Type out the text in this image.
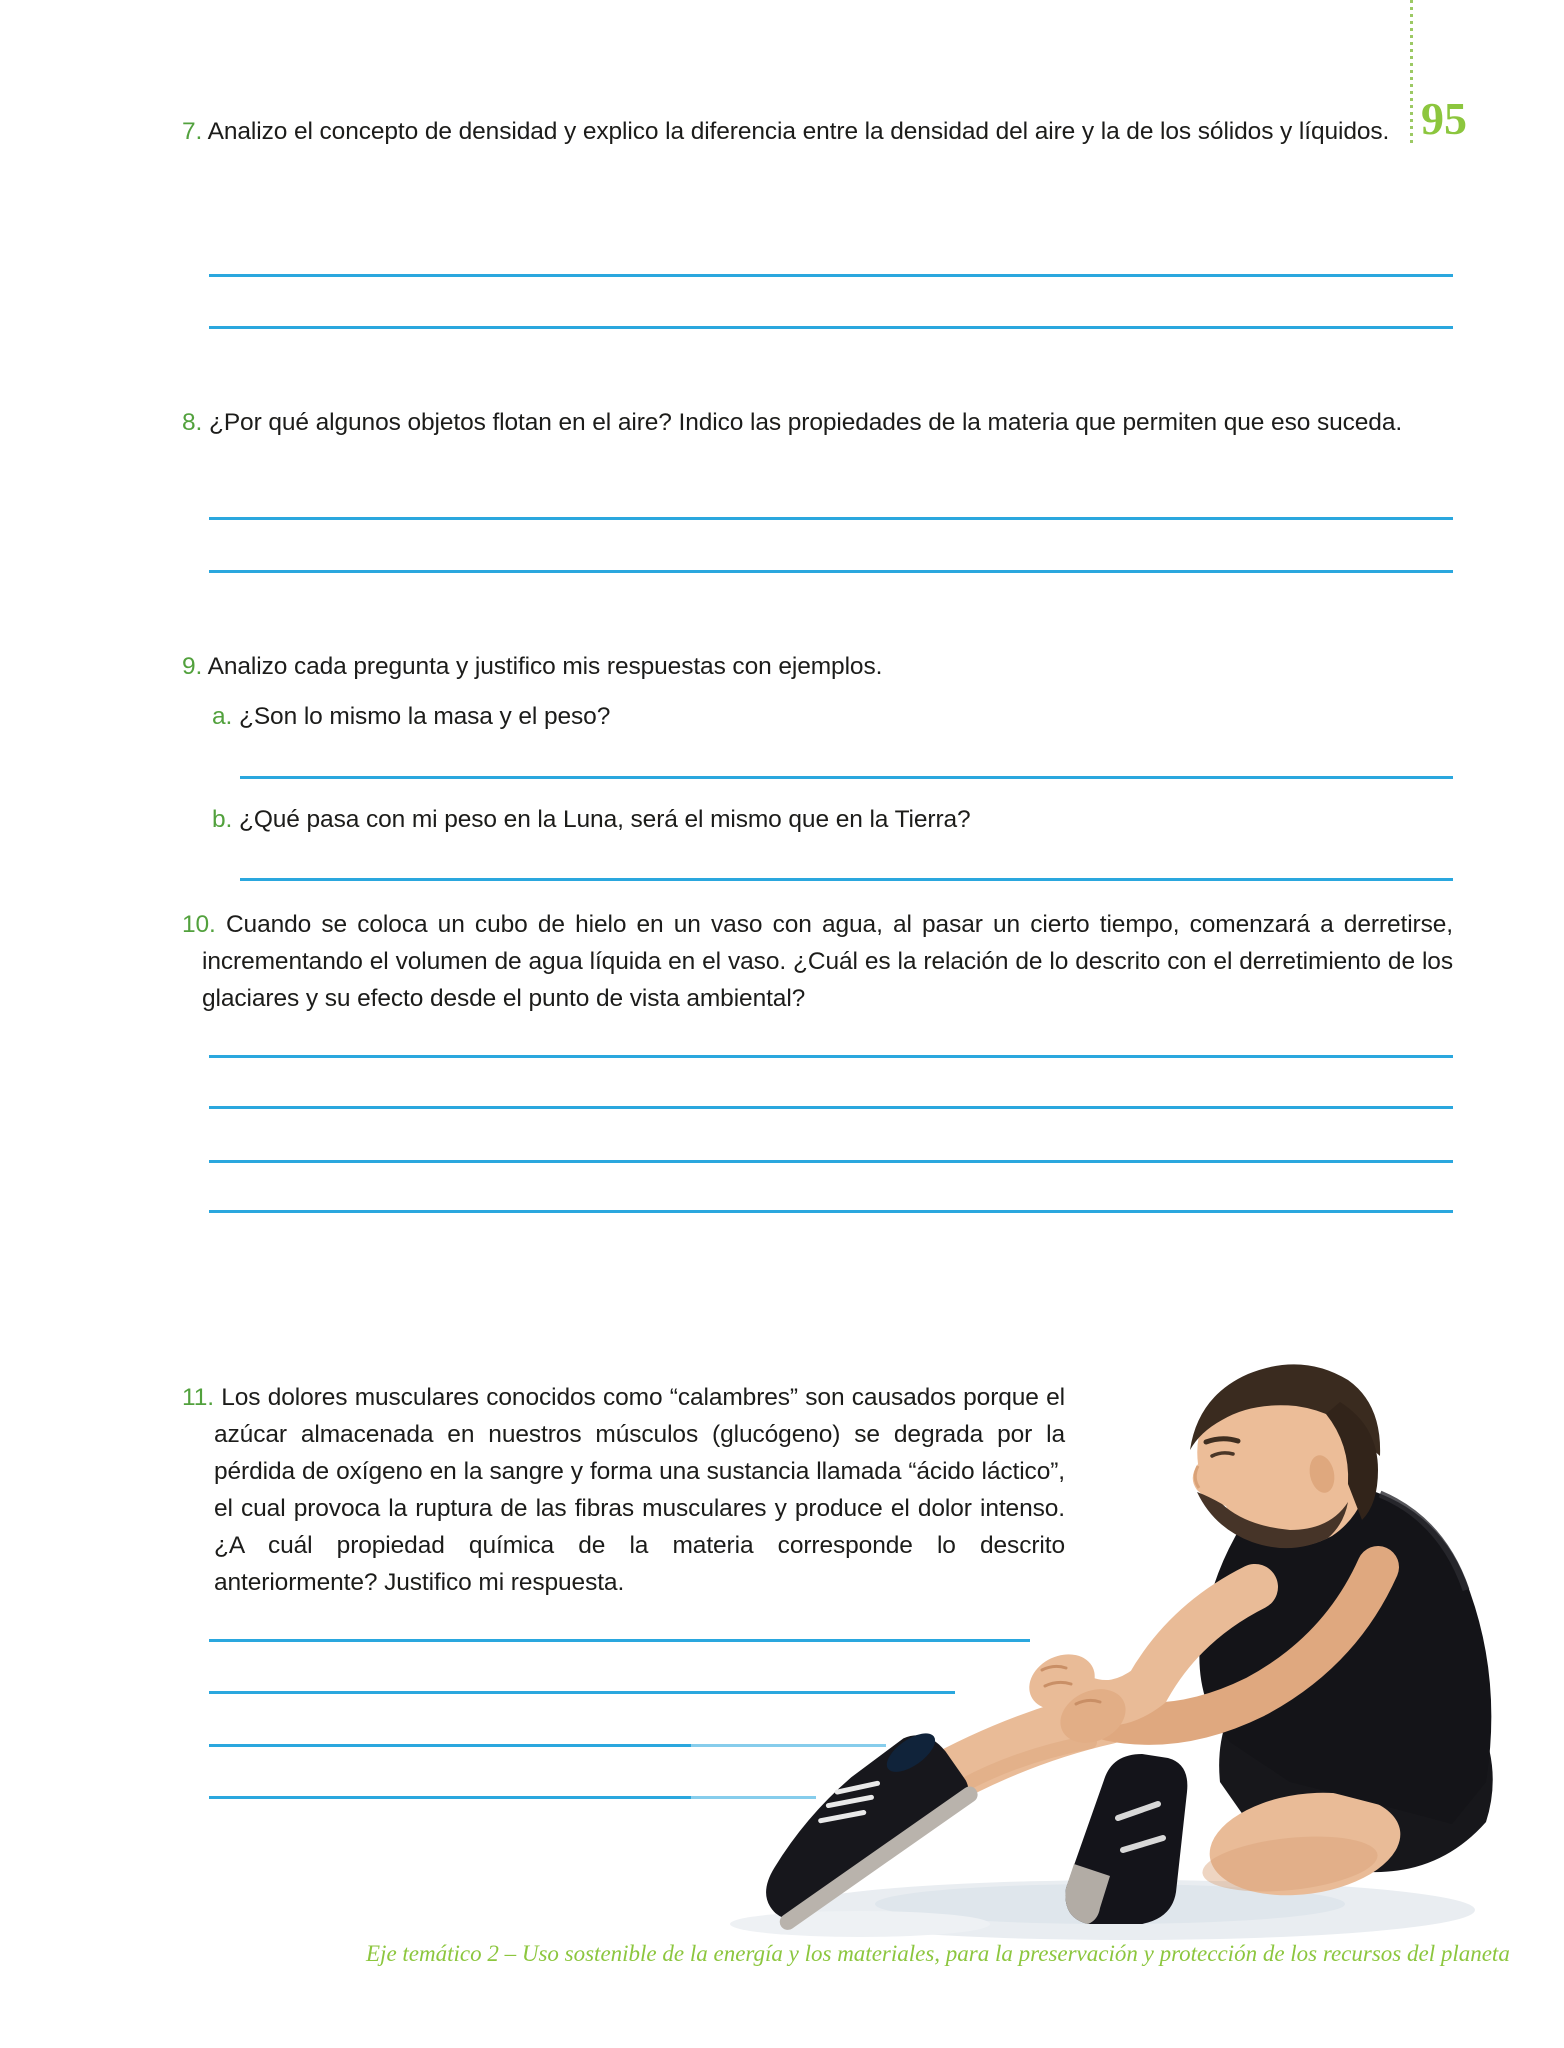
95
7. Analizo el concepto de densidad y explico la diferencia entre la densidad del aire y la de los sólidos y líquidos.
8. ¿Por qué algunos objetos flotan en el aire? Indico las propiedades de la materia que permiten que eso suceda.
9. Analizo cada pregunta y justifico mis respuestas con ejemplos.
a. ¿Son lo mismo la masa y el peso?
b. ¿Qué pasa con mi peso en la Luna, será el mismo que en la Tierra?
10. Cuando se coloca un cubo de hielo en un vaso con agua, al pasar un cierto tiempo, comenzará a derretirse, incrementando el volumen de agua líquida en el vaso. ¿Cuál es la relación de lo descrito con el derretimiento de los glaciares y su efecto desde el punto de vista ambiental?
11. Los dolores musculares conocidos como “calambres” son causados porque el azúcar almacenada en nuestros músculos (glucógeno) se degrada por la pérdida de oxígeno en la sangre y forma una sustancia llamada “ácido láctico”, el cual provoca la ruptura de las fibras musculares y produce el dolor intenso. ¿A cuál propiedad química de la materia corresponde lo descrito anteriormente? Justifico mi respuesta.
Eje temático 2 – Uso sostenible de la energía y los materiales, para la preservación y protección de los recursos del planeta
